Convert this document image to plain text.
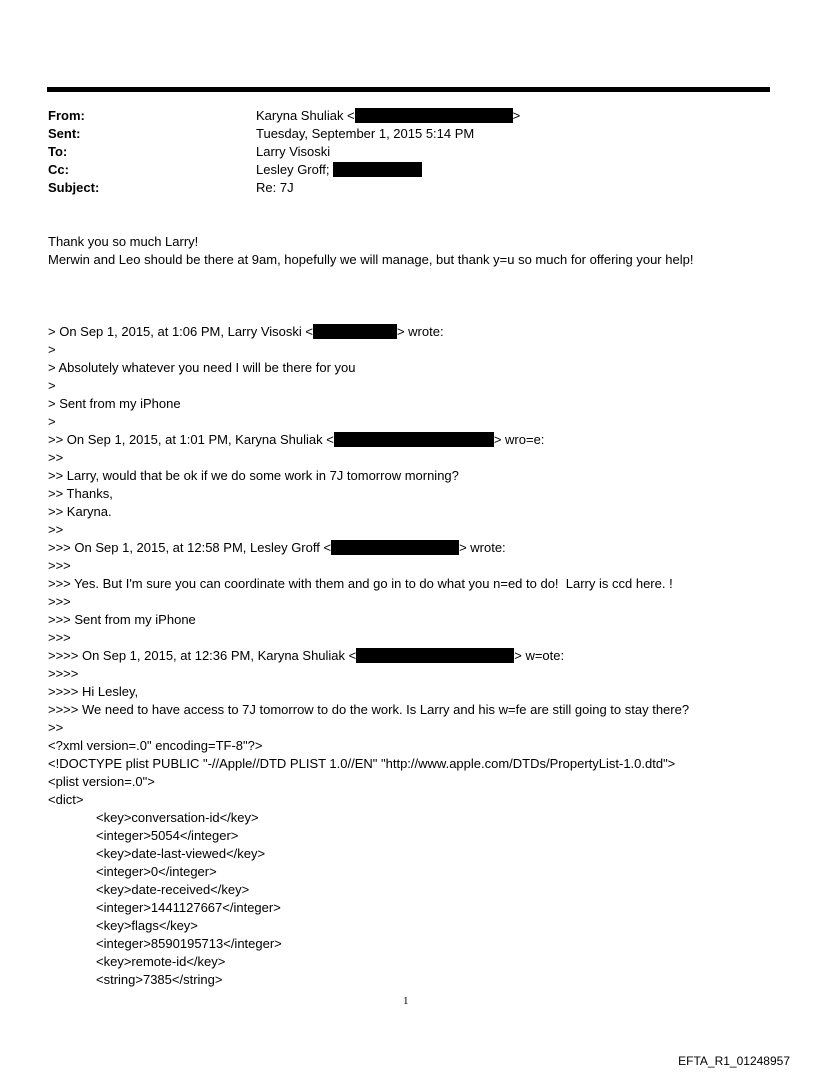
From:	Karyna Shuliak <	>
Sent:	Tuesday, September 1, 2015 5:14 PM
To:	Larry Visoski
Cc:	Lesley Groff;
Subject:	Re: 7J
Thank you so much Larry!
Merwin and Leo should be there at 9am, hopefully we will manage, but thank y=u so much for offering your help!
> On Sep 1, 2015, at 1:06 PM, Larry Visoski <	> wrote:
>
> Absolutely whatever you need I will be there for you
>
> Sent from my iPhone
>
>> On Sep 1, 2015, at 1:01 PM, Karyna Shuliak <	> wro=e:
>>
>> Larry, would that be ok if we do some work in 7J tomorrow morning?
>> Thanks,
>> Karyna.
>>
>>> On Sep 1, 2015, at 12:58 PM, Lesley Groff <	> wrote:
>>>
>>> Yes. But I'm sure you can coordinate with them and go in to do what you n=ed to do!  Larry is ccd here. !
>>>
>>> Sent from my iPhone
>>>
>>>> On Sep 1, 2015, at 12:36 PM, Karyna Shuliak <	> w=ote:
>>>>
>>>> Hi Lesley,
>>>> We need to have access to 7J tomorrow to do the work. Is Larry and his w=fe are still going to stay there?
>>
<?xml version=.0" encoding=TF-8"?>
<!DOCTYPE plist PUBLIC "-//Apple//DTD PLIST 1.0//EN" "http://www.apple.com/DTDs/PropertyList-1.0.dtd">
<plist version=.0">
<dict>
<key>conversation-id</key>
<integer>5054</integer>
<key>date-last-viewed</key>
<integer>0</integer>
<key>date-received</key>
<integer>1441127667</integer>
<key>flags</key>
<integer>8590195713</integer>
<key>remote-id</key>
<string>7385</string>
1
EFTA_R1_01248957
